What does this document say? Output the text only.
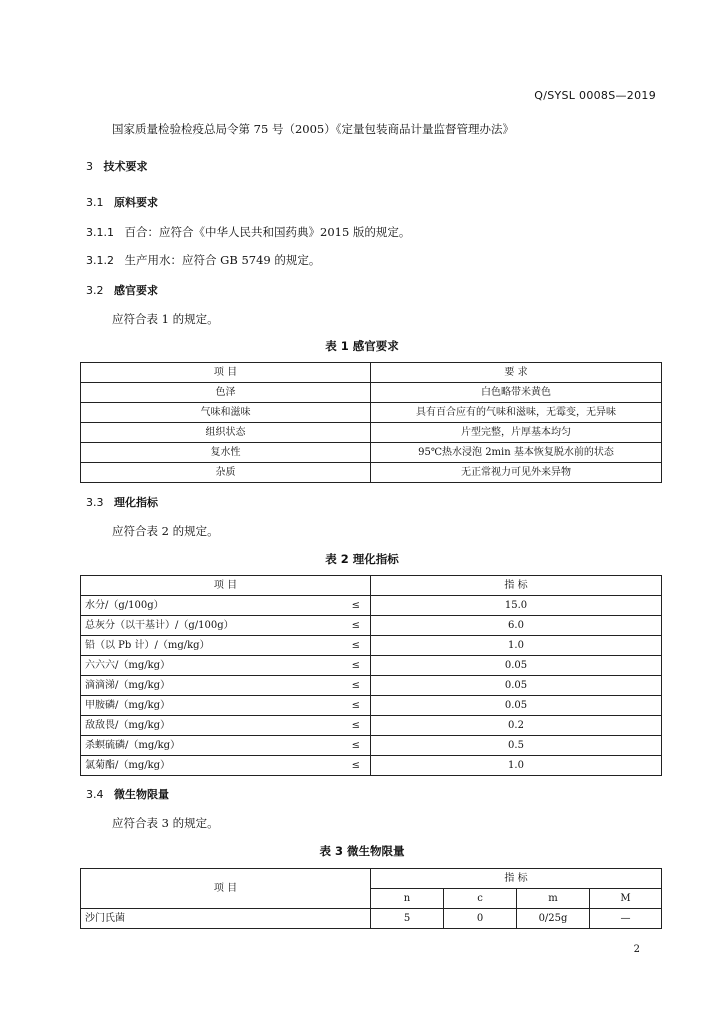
Q/SYSL 0008S—2019
国家质量检验检疫总局令第 75 号（2005）《定量包装商品计量监督管理办法》
3 技术要求
3.1 原料要求
3.1.1 百合：应符合《中华人民共和国药典》2015 版的规定。
3.1.2 生产用水：应符合 GB 5749 的规定。
3.2 感官要求
应符合表 1 的规定。
表 1 感官要求
项 目	要 求
色泽	白色略带米黄色
气味和滋味	具有百合应有的气味和滋味，无霉变，无异味
组织状态	片型完整，片厚基本均匀
复水性	95℃热水浸泡 2min 基本恢复脱水前的状态
杂质	无正常视力可见外来异物
3.3 理化指标
应符合表 2 的规定。
表 2 理化指标
项 目		指 标
水分/（g/100g）	≤	15.0
总灰分（以干基计）/（g/100g）	≤	6.0
铅（以 Pb 计）/（mg/kg）	≤	1.0
六六六/（mg/kg）	≤	0.05
滴滴涕/（mg/kg）	≤	0.05
甲胺磷/（mg/kg）	≤	0.05
敌敌畏/（mg/kg）	≤	0.2
杀螟硫磷/（mg/kg）	≤	0.5
氯菊酯/（mg/kg）	≤	1.0
3.4 微生物限量
应符合表 3 的规定。
表 3 微生物限量
项 目	指 标			
	n	c	m	M
沙门氏菌	5	0	0/25g	—
2
